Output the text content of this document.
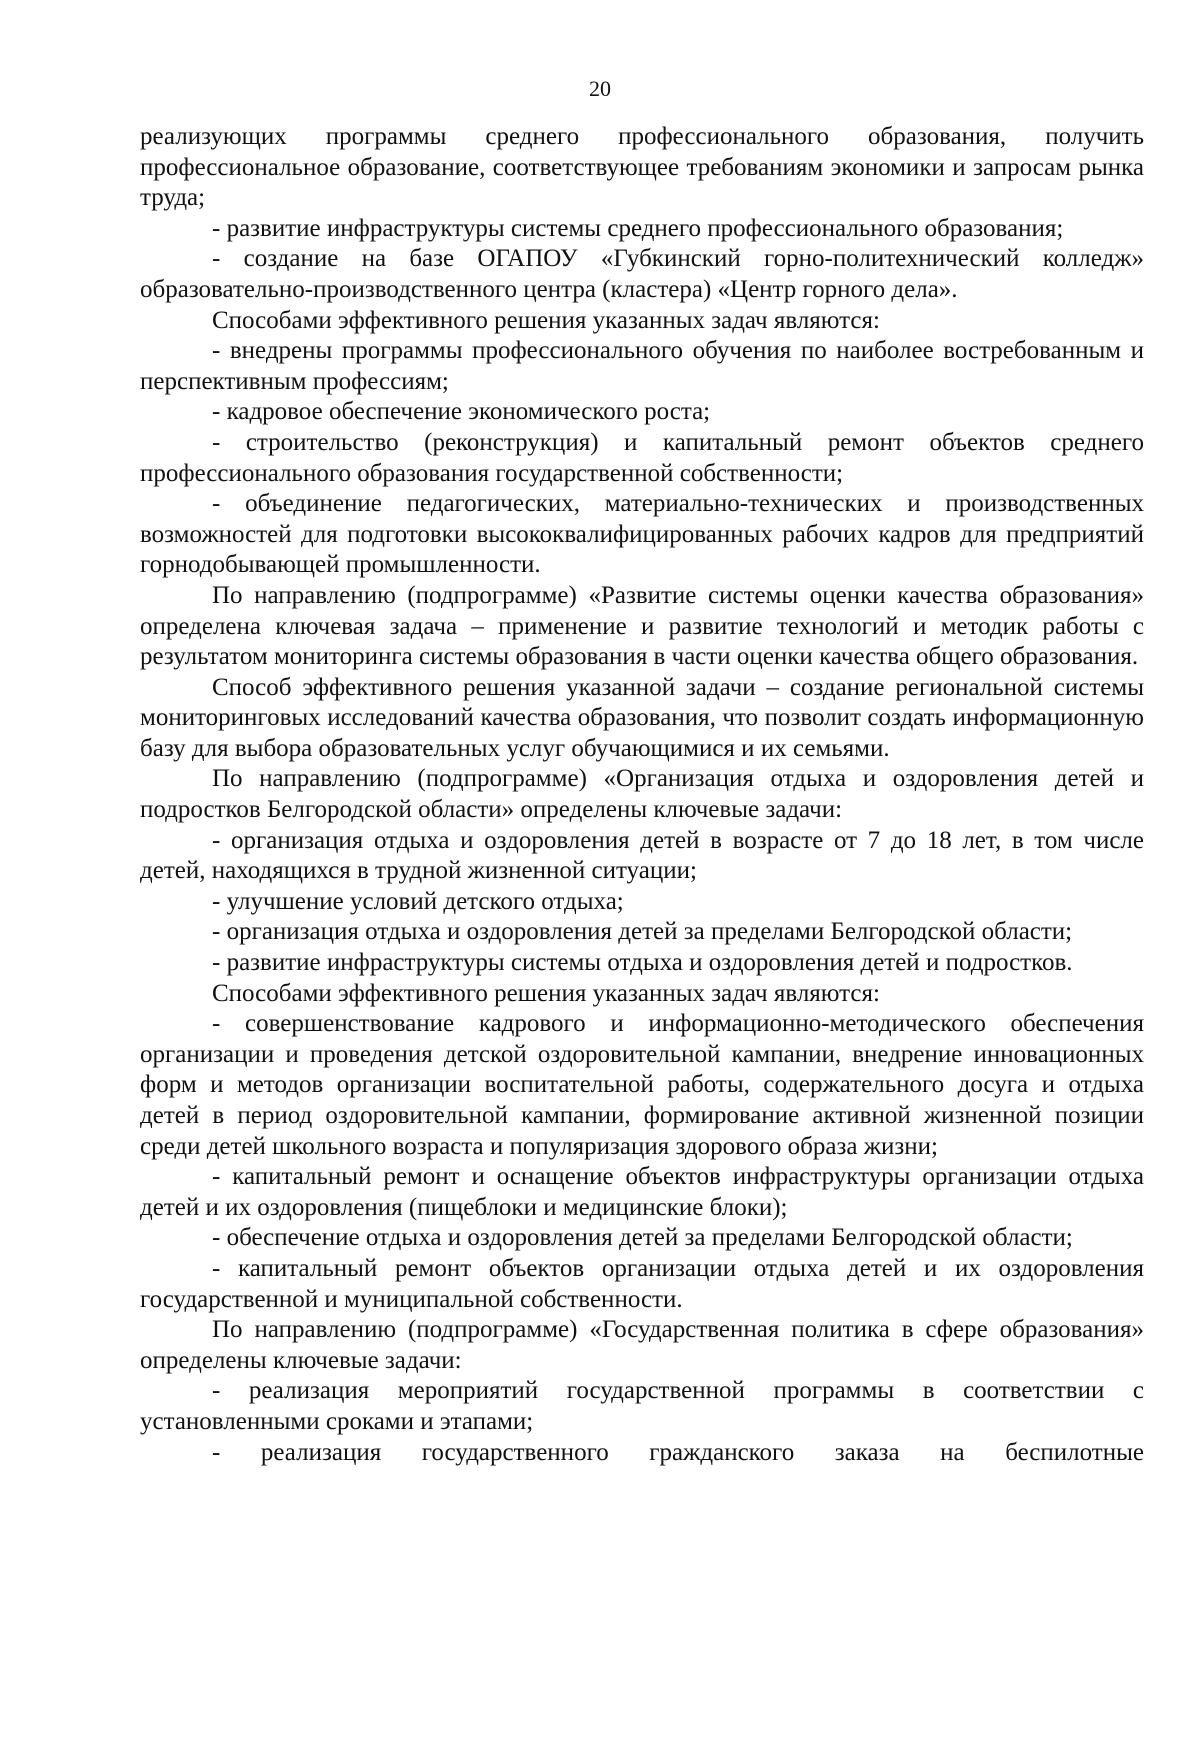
20

реализующих программы среднего профессионального образования, получить профессиональное образование, соответствующее требованиям экономики и запросам рынка труда;

- развитие инфраструктуры системы среднего профессионального образования;

- создание на базе ОГАПОУ «Губкинский горно-политехнический колледж» образовательно-производственного центра (кластера) «Центр горного дела».

Способами эффективного решения указанных задач являются:

- внедрены программы профессионального обучения по наиболее востребованным и перспективным профессиям;

- кадровое обеспечение экономического роста;

- строительство (реконструкция) и капитальный ремонт объектов среднего профессионального образования государственной собственности;

- объединение педагогических, материально-технических и производственных возможностей для подготовки высококвалифицированных рабочих кадров для предприятий горнодобывающей промышленности.

По направлению (подпрограмме) «Развитие системы оценки качества образования» определена ключевая задача – применение и развитие технологий и методик работы с результатом мониторинга системы образования в части оценки качества общего образования.

Способ эффективного решения указанной задачи – создание региональной системы мониторинговых исследований качества образования, что позволит создать информационную базу для выбора образовательных услуг обучающимися и их семьями.

По направлению (подпрограмме) «Организация отдыха и оздоровления детей и подростков Белгородской области» определены ключевые задачи:

- организация отдыха и оздоровления детей в возрасте от 7 до 18 лет, в том числе детей, находящихся в трудной жизненной ситуации;

- улучшение условий детского отдыха;

- организация отдыха и оздоровления детей за пределами Белгородской области;

- развитие инфраструктуры системы отдыха и оздоровления детей и подростков.

Способами эффективного решения указанных задач являются:

- совершенствование кадрового и информационно-методического обеспечения организации и проведения детской оздоровительной кампании, внедрение инновационных форм и методов организации воспитательной работы, содержательного досуга и отдыха детей в период оздоровительной кампании, формирование активной жизненной позиции среди детей школьного возраста и популяризация здорового образа жизни;

- капитальный ремонт и оснащение объектов инфраструктуры организации отдыха детей и их оздоровления (пищеблоки и медицинские блоки);

- обеспечение отдыха и оздоровления детей за пределами Белгородской области;

- капитальный ремонт объектов организации отдыха детей и их оздоровления государственной и муниципальной собственности.

По направлению (подпрограмме) «Государственная политика в сфере образования» определены ключевые задачи:

- реализация мероприятий государственной программы в соответствии с установленными сроками и этапами;

- реализация государственного гражданского заказа на беспилотные
